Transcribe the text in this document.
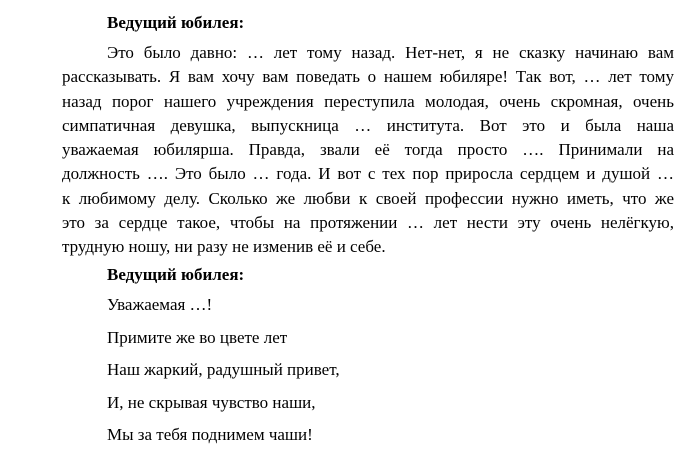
Ведущий юбилея:

Это было давно: … лет тому назад. Нет-нет, я не сказку начинаю вам
рассказывать. Я вам хочу вам поведать о нашем юбиляре! Так вот, … лет тому
назад порог нашего учреждения переступила молодая, очень скромная, очень
симпатичная девушка, выпускница … института. Вот это и была наша
уважаемая юбилярша. Правда, звали её тогда просто …. Принимали на
должность …. Это было … года. И вот с тех пор приросла сердцем и душой …
к любимому делу. Сколько же любви к своей профессии нужно иметь, что же
это за сердце такое, чтобы на протяжении … лет нести эту очень нелёгкую,
трудную ношу, ни разу не изменив её и себе.

Ведущий юбилея:

Уважаемая …!
Примите же во цвете лет
Наш жаркий, радушный привет,
И, не скрывая чувство наши,
Мы за тебя поднимем чаши!
